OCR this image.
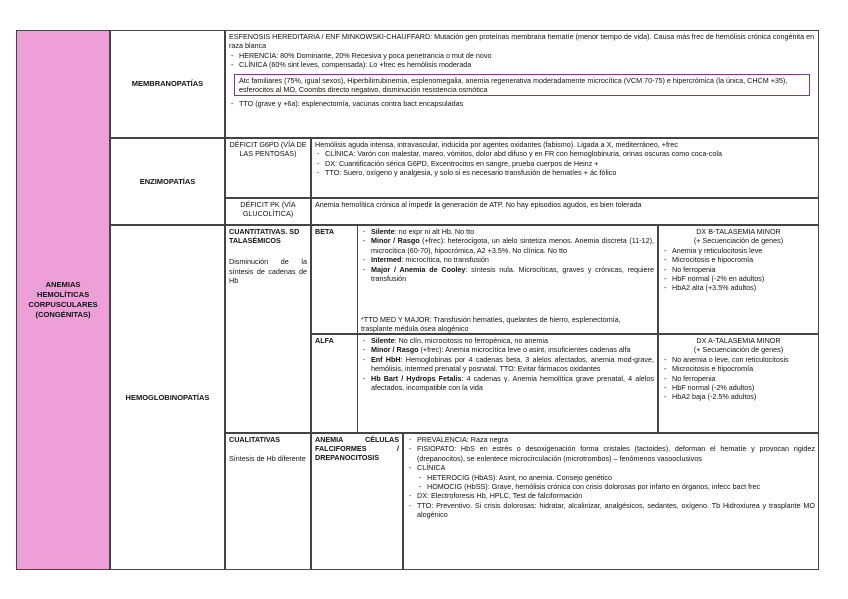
ANEMIAS HEMOLÍTICAS CORPUSCULARES (CONGÉNITAS)
MEMBRANOPATÍAS

ESFENOSIS HEREDITARIA / ENF MINKOWSKI-CHAUFFARD: Mutación gen proteínas membrana hematíe (menor tiempo de vida). Causa más frec de hemólisis crónica congénita en raza blanca

- HERENCIA: 80% Dominante, 20% Recesiva y poca penetrancia o mut de novo
- CLÍNICA (60% sint leves, compensada): Lo +frec es hemólisis moderada
Atc familiares (75%, igual sexos), Hiperbilirrubinemia, esplenomegalia, anemia regenerativa moderadamente microcítica (VCM 70-75) e hipercrómica (la única, CHCM +35), esferocitos al MO, Coombs directo negativo, disminución resistencia osmótica
- TTO (grave y +6a): esplenectomía, vacunas contra bact encapsuladas
ENZIMOPATÍAS
DÉFICIT G6PD (VÍA DE LAS PENTOSAS)

Hemólisis aguda intensa, intravascular, inducida por agentes oxidantes (fabismo). Ligada a X, mediterráneo, +frec

- CLÍNICA: Varón con malestar, mareo, vómitos, dolor abd difuso y en FR con hemoglobinuria, orinas oscuras como coca-cola
- DX: Cuantificación sérica G6PD, Excentrocitos en sangre, prueba cuerpos de Heinz +
- TTO: Suero, oxígeno y analgesia, y solo si es necesario transfusión de hematíes + ác fólico
DÉFICIT PK (VÍA GLUCOLÍTICA)
Anemia hemolítica crónica al impedir la generación de ATP. No hay episodios agudos, es bien tolerada
HEMOGLOBINOPATÍAS

CUANTITATIVAS. SD TALASÉMICOS

Disminución de la síntesis de cadenas de Hb

BETA	- Silente: no expr ni alt Hb. No tto
- Minor / Rasgo (+frec): heterocigota, un alelo sintetiza menos. Anemia discreta (11-12), microcítica (60-70), hipocrómica, A2 +3.5%. No clínica. No tto
- Intermed: microcítica, no transfusión
- Major / Anemia de Cooley: síntesis nula. Microcíticas, graves y crónicas, requiere transfusión
*TTO MED Y MAJOR: Transfusión hematíes, quelantes de hierro, esplenectomía, trasplante médula ósea alogénico

DX B-TALASEMIA MINOR

(+ Secuenciación de genes)

- Anemia y reticulocitosis leve
- Microcitosis e hipocromía
- No ferropenia
- HbF normal (-2% en adultos)
- HbA2 alta (+3.5% adultos)
ALFA	- Silente: No clín, microcitosis no ferropénica, no anemia
- Minor / Rasgo (+frec): Anemia microcítica leve o asint, insuficientes cadenas alfa
- Enf HbH: Hemoglobinas por 4 cadenas beta, 3 alelos afectados, anemia mod-grave, hemólisis, intermed prenatal y posnatal. TTO: Evitar fármacos oxidantes
- Hb Bart / Hydrops Fetalis: 4 cadenas γ. Anemia hemolítica grave prenatal, 4 alelos afectados, incompatible con la vida

DX A-TALASEMIA MINOR

(+ Secuenciación de genes)

- No anemia o leve, con reticulocitosis
- Microcitosis e hipocromía
- No ferropenia
- HbF normal (-2% adultos)
- HbA2 baja (-2.5% adultos)

CUALITATIVAS

Síntesis de Hb diferente

ANEMIA CÉLULAS FALCIFORMES / DREPANOCITOSIS
- PREVALENCIA: Raza negra
- FISIOPATO: HbS en estrés o desoxigenación forma cristales (tactoides), deforman el hematíe y provocan rigidez (drepanocitos), se enlentece microcirculación (microtrombos) – fenómenos vasooclusivos
- CLÍNICA
- HETEROCIG (HbAS): Asint, no anemia. Consejo genético
- HOMOCIG (HbSS): Grave, hemólisis crónica con crisis dolorosas por infarto en órganos, infecc bact frec
- DX: Electroforesis Hb, HPLC, Test de falciformación
- TTO: Preventivo. Si crisis dolorosas: hidratar, alcalinizar, analgésicos, sedantes, oxígeno. Tb Hidroxiurea y trasplante MO alogénico
